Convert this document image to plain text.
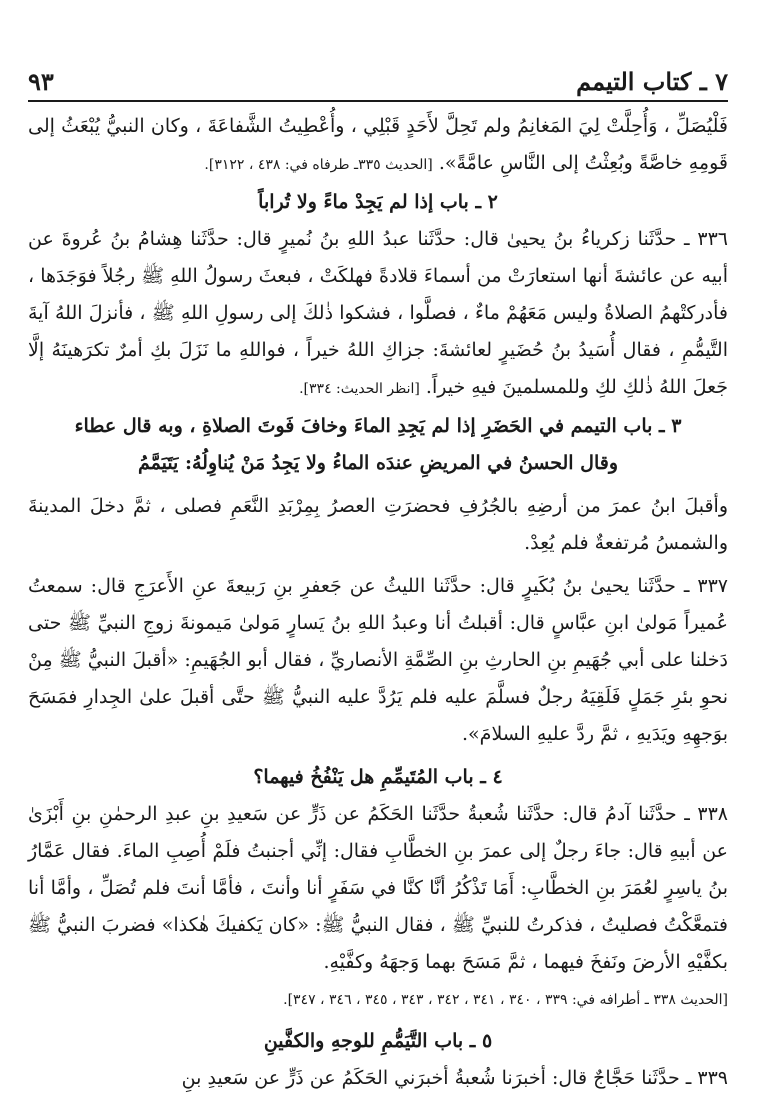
٧ ـ كتاب التيمم
٩٣

فَلْيُصَلِّ ، وَأُحِلَّتْ لِيَ المَغانِمُ ولم تَحِلَّ لأَحَدٍ قَبْلِي ، وأُعْطِيتُ الشَّفاعَةَ ، وكان النبيُّ يُبْعَثُ إلى قَومِهِ خاصَّةً وبُعِثْتُ إلى النَّاسِ عامَّةً». [الحديث ٣٣٥ـ طرفاه في: ٤٣٨ ، ٣١٢٢].

٢ ـ باب إذا لم يَجِدْ ماءً ولا تُراباً

٣٣٦ ـ حدَّثَنا زكرياءُ بنُ يحيىٰ قال: حدَّثَنا عبدُ اللهِ بنُ نُميرٍ قال: حدَّثَنا هِشامُ بنُ عُروةَ عن أبيه عن عائشةَ أنها استعارَتْ من أسماءَ قلادةً فهلكَتْ ، فبعثَ رسولُ اللهِ ﷺ رجُلاً فوَجَدَها ، فأدركتْهمُ الصلاةُ وليس مَعَهُمْ ماءٌ ، فصلَّوا ، فشكوا ذٰلكَ إلى رسولِ اللهِ ﷺ ، فأنزلَ اللهُ آيةَ التَّيمُّمِ ، فقال أُسَيدُ بنُ حُضَيرٍ لعائشةَ: جزاكِ اللهُ خيراً ، فواللهِ ما نَزَلَ بكِ أمرٌ تكرَهينَهُ إلَّا جَعلَ اللهُ ذٰلكِ لكِ وللمسلمينَ فيهِ خيراً. [انظر الحديث: ٣٣٤].

٣ ـ باب التيمم في الحَضَرِ إذا لم يَجِدِ الماءَ وخافَ فَوتَ الصلاةِ ، وبه قال عطاء
وقال الحسنُ في المريضِ عندَه الماءُ ولا يَجِدُ مَنْ يُناوِلُهُ: يَتَيَمَّمُ

وأقبلَ ابنُ عمرَ من أرضِهِ بالجُرُفِ فحضرَتِ العصرُ بِمِرْبَدِ النَّعَمِ فصلى ، ثمَّ دخلَ المدينةَ والشمسُ مُرتفعةٌ فلم يُعِدْ.

٣٣٧ ـ حدَّثَنا يحيىٰ بنُ بُكَيرٍ قال: حدَّثَنا الليثُ عن جَعفرِ بنِ رَبيعةَ عنِ الأَعرَجِ قال: سمعتُ عُميراً مَولىٰ ابنِ عبَّاسٍ قال: أقبلتُ أنا وعبدُ اللهِ بنُ يَسارٍ مَولىٰ مَيمونةَ زوجِ النبيِّ ﷺ حتى دَخلنا على أبي جُهَيمِ بنِ الحارثِ بنِ الصِّمَّةِ الأنصاريِّ ، فقال أبو الجُهَيمِ: «أقبلَ النبيُّ ﷺ مِنْ نحوِ بئرِ جَمَلٍ فَلَقِيَهُ رجلٌ فسلَّمَ عليه فلم يَرُدَّ عليه النبيُّ ﷺ حتَّى أقبلَ علىٰ الجِدارِ فمَسَحَ بوَجهِهِ ويَدَيهِ ، ثمَّ ردَّ عليهِ السلامَ».

٤ ـ باب المُتَيمِّمِ هل يَنْفُخُ فيهما؟

٣٣٨ ـ حدَّثَنا آدمُ قال: حدَّثَنا شُعبةُ حدَّثَنا الحَكَمُ عن ذَرٍّ عن سَعيدِ بنِ عبدِ الرحمٰنِ بنِ أَبْزَىٰ عن أبيهِ قال: جاءَ رجلٌ إلى عمرَ بنِ الخطَّابِ فقال: إنِّي أجنبتُ فلَمْ أُصِبِ الماءَ. فقال عَمَّارُ بنُ ياسِرٍ لعُمَرَ بنِ الخطَّابِ: أَمَا تَذْكُرُ أنَّا كنَّا في سَفَرٍ أنا وأنتَ ، فأمَّا أنتَ فلم تُصَلِّ ، وأمَّا أنا فتمعَّكْتُ فصليتُ ، فذكرتُ للنبيِّ ﷺ ، فقال النبيُّ ﷺ: «كان يَكفيكَ هٰكذا» فضربَ النبيُّ ﷺ بكفَّيْهِ الأرضَ ونَفخَ فيهما ، ثمَّ مَسَحَ بهما وَجهَهُ وكفَّيْهِ.

[الحديث ٣٣٨ ـ أطرافه في: ٣٣٩ ، ٣٤٠ ، ٣٤١ ، ٣٤٢ ، ٣٤٣ ، ٣٤٥ ، ٣٤٦ ، ٣٤٧].

٥ ـ باب التَّيَمُّمِ للوجهِ والكفَّينِ

٣٣٩ ـ حدَّثَنا حَجَّاجٌ قال: أخبرَنا شُعبةُ أخبرَني الحَكَمُ عن ذَرٍّ عن سَعيدِ بنِ
